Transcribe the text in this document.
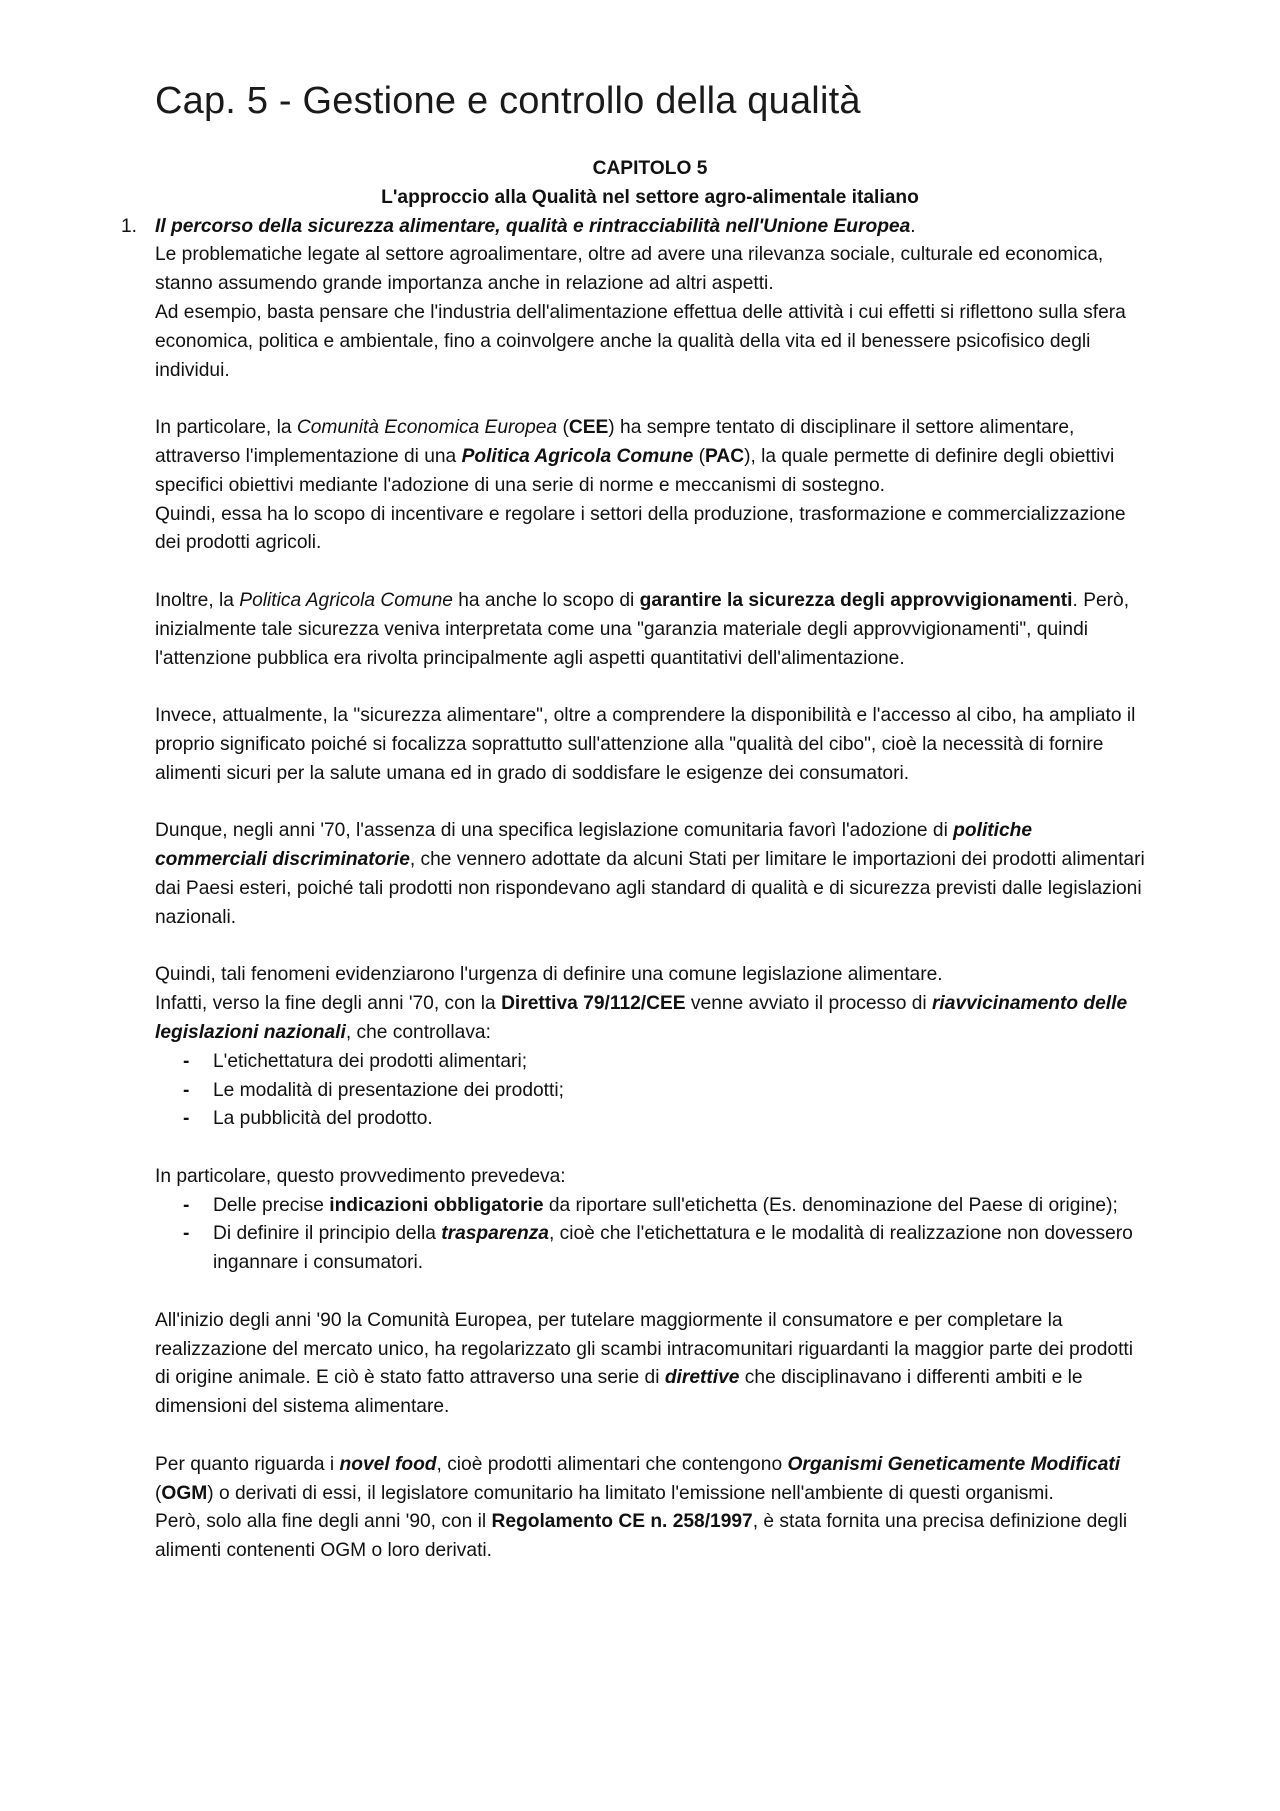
Cap. 5 - Gestione e controllo della qualità
CAPITOLO 5
L'approccio alla Qualità nel settore agro-alimentale italiano

1. Il percorso della sicurezza alimentare, qualità e rintracciabilità nell'Unione Europea.

Le problematiche legate al settore agroalimentare, oltre ad avere una rilevanza sociale, culturale ed economica, stanno assumendo grande importanza anche in relazione ad altri aspetti.

Ad esempio, basta pensare che l'industria dell'alimentazione effettua delle attività i cui effetti si riflettono sulla sfera economica, politica e ambientale, fino a coinvolgere anche la qualità della vita ed il benessere psicofisico degli individui.

In particolare, la Comunità Economica Europea (CEE) ha sempre tentato di disciplinare il settore alimentare, attraverso l'implementazione di una Politica Agricola Comune (PAC), la quale permette di definire degli obiettivi specifici obiettivi mediante l'adozione di una serie di norme e meccanismi di sostegno.

Quindi, essa ha lo scopo di incentivare e regolare i settori della produzione, trasformazione e commercializzazione dei prodotti agricoli.

Inoltre, la Politica Agricola Comune ha anche lo scopo di garantire la sicurezza degli approvvigionamenti. Però, inizialmente tale sicurezza veniva interpretata come una "garanzia materiale degli approvvigionamenti", quindi l'attenzione pubblica era rivolta principalmente agli aspetti quantitativi dell'alimentazione.

Invece, attualmente, la "sicurezza alimentare", oltre a comprendere la disponibilità e l'accesso al cibo, ha ampliato il proprio significato poiché si focalizza soprattutto sull'attenzione alla "qualità del cibo", cioè la necessità di fornire alimenti sicuri per la salute umana ed in grado di soddisfare le esigenze dei consumatori.

Dunque, negli anni '70, l'assenza di una specifica legislazione comunitaria favorì l'adozione di politiche commerciali discriminatorie, che vennero adottate da alcuni Stati per limitare le importazioni dei prodotti alimentari dai Paesi esteri, poiché tali prodotti non rispondevano agli standard di qualità e di sicurezza previsti dalle legislazioni nazionali.

Quindi, tali fenomeni evidenziarono l'urgenza di definire una comune legislazione alimentare.

Infatti, verso la fine degli anni '70, con la Direttiva 79/112/CEE venne avviato il processo di riavvicinamento delle legislazioni nazionali, che controllava:

- L'etichettatura dei prodotti alimentari;
- Le modalità di presentazione dei prodotti;
- La pubblicità del prodotto.

In particolare, questo provvedimento prevedeva:

- Delle precise indicazioni obbligatorie da riportare sull'etichetta (Es. denominazione del Paese di origine);
- Di definire il principio della trasparenza, cioè che l'etichettatura e le modalità di realizzazione non dovessero ingannare i consumatori.

All'inizio degli anni '90 la Comunità Europea, per tutelare maggiormente il consumatore e per completare la realizzazione del mercato unico, ha regolarizzato gli scambi intracomunitari riguardanti la maggior parte dei prodotti di origine animale. E ciò è stato fatto attraverso una serie di direttive che disciplinavano i differenti ambiti e le dimensioni del sistema alimentare.

Per quanto riguarda i novel food, cioè prodotti alimentari che contengono Organismi Geneticamente Modificati (OGM) o derivati di essi, il legislatore comunitario ha limitato l'emissione nell'ambiente di questi organismi.

Però, solo alla fine degli anni '90, con il Regolamento CE n. 258/1997, è stata fornita una precisa definizione degli alimenti contenenti OGM o loro derivati.
